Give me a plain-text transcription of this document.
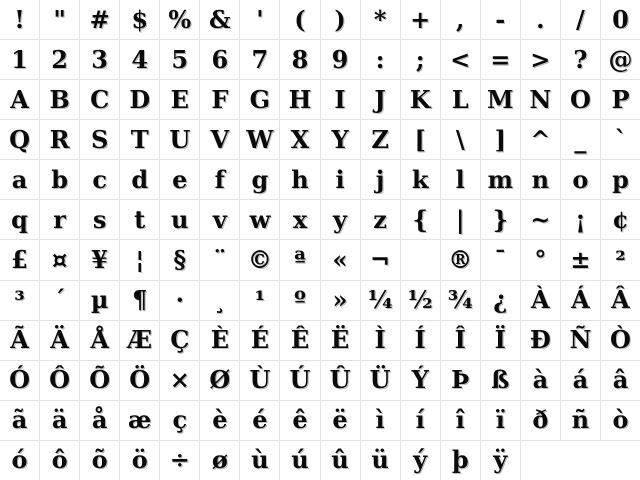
! " # $ % & ' ( ) * + , - . / 0
1 2 3 4 5 6 7 8 9 : ; < = > ? @
A B C D E F G H I J K L M N O P
Q R S T U V W X Y Z [ \ ] ^ _ `
a b c d e f g h i j k l m n o p
q r s t u v w x y z { | } ~ ¡ ¢
£ ¤ ¥ ¦ § ¨ © ª « ¬ ® ¯ ° ± ²
³ ´ µ ¶ · ¸ ¹ º » ¼ ½ ¾ ¿ À Á Â
Ã Ä Å Æ Ç È É Ê Ë Ì Í Î Ï Ð Ñ Ò
Ó Ô Õ Ö × Ø Ù Ú Û Ü Ý Þ ß à á â
ã ä å æ ç è é ê ë ì í î ï ð ñ ò
ó ô õ ö ÷ ø ù ú û ü ý þ ÿ
